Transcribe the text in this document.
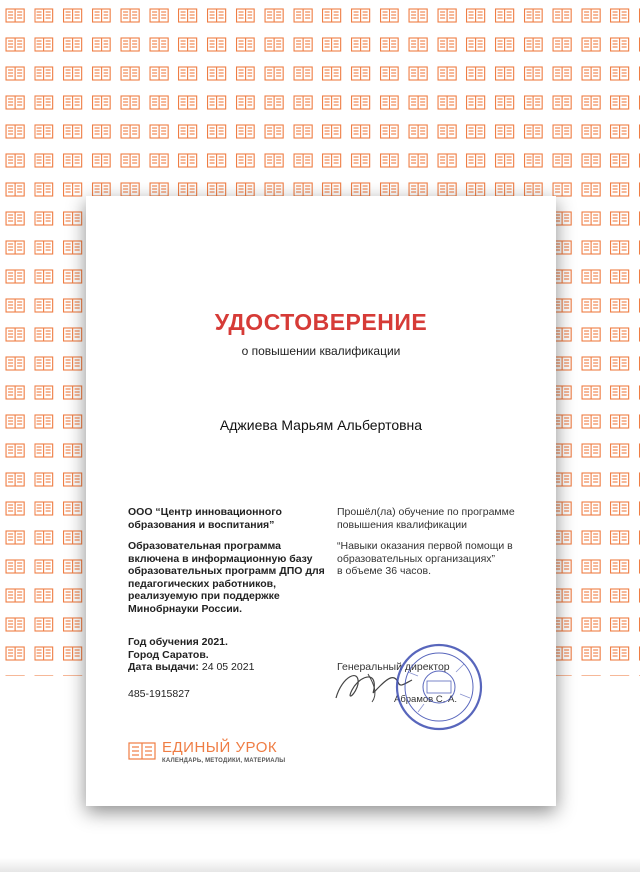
УДОСТОВЕРЕНИЕ
о повышении квалификации
Аджиева Марьям Альбертовна

ООО “Центр инновационного образования и воспитания”

Образовательная программа включена в информационную базу образовательных программ ДПО для педагогических работников, реализуемую при поддержке Минобрнауки России.

Год обучения 2021.
Город Саратов.
Дата выдачи: 24 05 2021
485-1915827

Прошёл(ла) обучение по программе повышения квалификации

“Навыки оказания первой помощи в образовательных организациях”
в объеме 36 часов.
Генеральный директор
Абрамов С. А.
ЕДИНЫЙ УРОК
КАЛЕНДАРЬ, МЕТОДИКИ, МАТЕРИАЛЫ
